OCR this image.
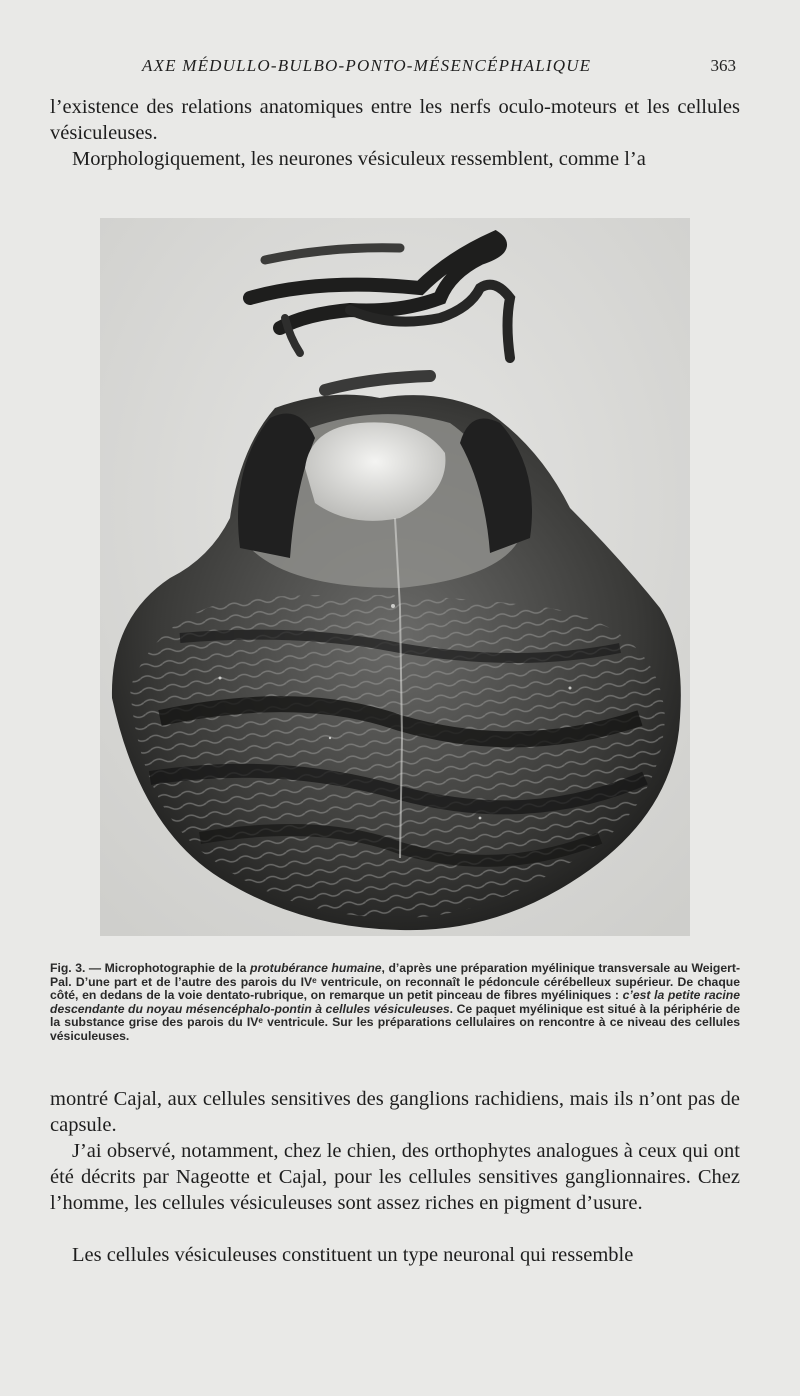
AXE MÉDULLO-BULBO-PONTO-MÉSENCÉPHALIQUE	363

l’existence des relations anatomiques entre les nerfs oculo-moteurs et les cellules vésiculeuses.

Morphologiquement, les neurones vésiculeux ressemblent, comme l’a

Fig. 3. — Microphotographie de la protubérance humaine, d’après une préparation myélinique transversale au Weigert-Pal. D’une part et de l’autre des parois du IVᵉ ventricule, on reconnaît le pédoncule cérébelleux supérieur. De chaque côté, en dedans de la voie dentato-rubrique, on remarque un petit pinceau de fibres myéliniques : c’est la petite racine descendante du noyau mésencéphalo-pontin à cellules vésiculeuses. Ce paquet myélinique est situé à la périphérie de la substance grise des parois du IVᵉ ventricule. Sur les préparations cellulaires on rencontre à ce niveau des cellules vésiculeuses.

montré Cajal, aux cellules sensitives des ganglions rachidiens, mais ils n’ont pas de capsule.

J’ai observé, notamment, chez le chien, des orthophytes analogues à ceux qui ont été décrits par Nageotte et Cajal, pour les cellules sensitives ganglionnaires. Chez l’homme, les cellules vésiculeuses sont assez riches en pigment d’usure.

Les cellules vésiculeuses constituent un type neuronal qui ressemble
